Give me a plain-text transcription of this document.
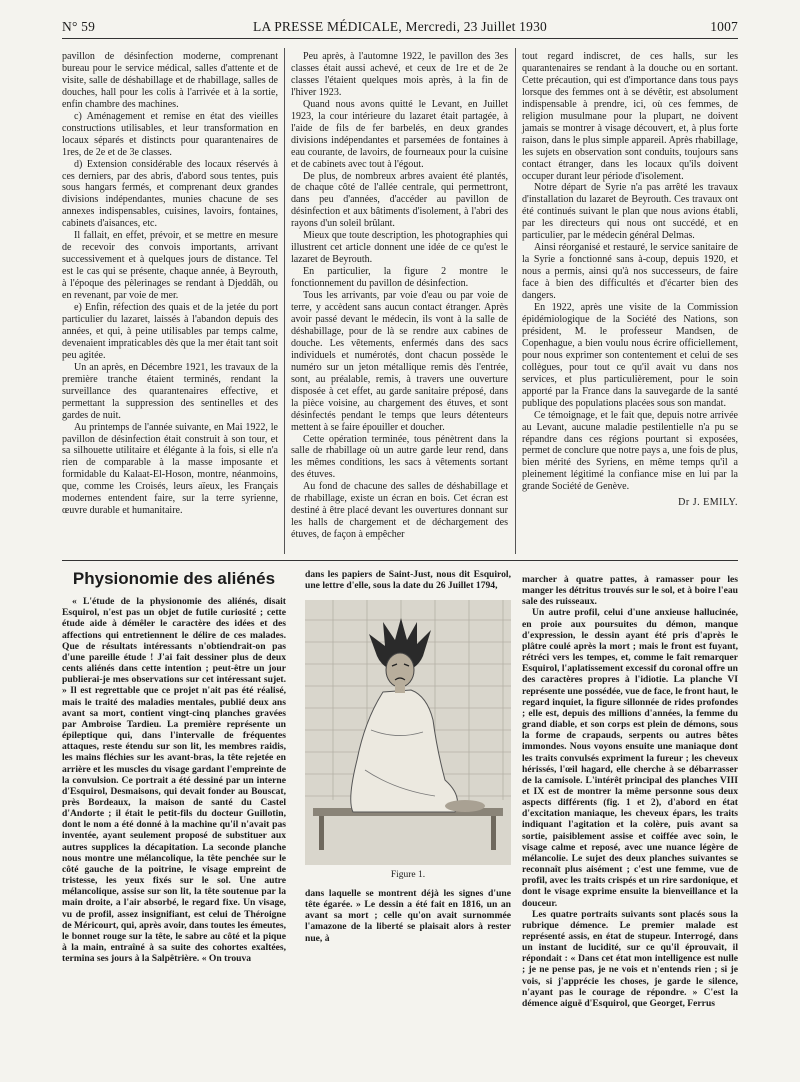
N° 59	LA PRESSE MÉDICALE, Mercredi, 23 Juillet 1930	1007

pavillon de désinfection moderne, comprenant bureau pour le service médical, salles d'attente et de visite, salle de déshabillage et de rhabillage, salles de douches, hall pour les colis à l'arrivée et à la sortie, enfin chambre des machines.

c) Aménagement et remise en état des vieilles constructions utilisables, et leur transformation en locaux séparés et distincts pour quarantenaires de 1res, de 2e et de 3e classes.

d) Extension considérable des locaux réservés à ces derniers, par des abris, d'abord sous tentes, puis sous hangars fermés, et comprenant deux grandes divisions indépendantes, munies chacune de ses annexes indispensables, cuisines, lavoirs, fontaines, cabinets d'aisances, etc.

Il fallait, en effet, prévoir, et se mettre en mesure de recevoir des convois importants, arrivant successivement et à quelques jours de distance. Tel est le cas qui se présente, chaque année, à Beyrouth, à l'époque des pèlerinages se rendant à Djeddâh, ou en revenant, par voie de mer.

e) Enfin, réfection des quais et de la jetée du port particulier du lazaret, laissés à l'abandon depuis des années, et qui, à peine utilisables par temps calme, devenaient impraticables dès que la mer était tant soit peu agitée.

Un an après, en Décembre 1921, les travaux de la première tranche étaient terminés, rendant la surveillance des quarantenaires effective, et permettant la suppression des sentinelles et des gardes de nuit.

Au printemps de l'année suivante, en Mai 1922, le pavillon de désinfection était construit à son tour, et sa silhouette utilitaire et élégante à la fois, si elle n'a rien de comparable à la masse imposante et formidable du Kalaat-El-Hoson, montre, néanmoins, que, comme les Croisés, leurs aïeux, les Français modernes entendent faire, sur la terre syrienne, œuvre durable et humanitaire.

Peu après, à l'automne 1922, le pavillon des 3es classes était aussi achevé, et ceux de 1re et de 2e classes l'étaient quelques mois après, à la fin de l'hiver 1923.

Quand nous avons quitté le Levant, en Juillet 1923, la cour intérieure du lazaret était partagée, à l'aide de fils de fer barbelés, en deux grandes divisions indépendantes et parsemées de fontaines à eau courante, de lavoirs, de fourneaux pour la cuisine et de cabinets avec tout à l'égout.

De plus, de nombreux arbres avaient été plantés, de chaque côté de l'allée centrale, qui permettront, dans peu d'années, d'accéder au pavillon de désinfection et aux bâtiments d'isolement, à l'abri des rayons d'un soleil brûlant.

Mieux que toute description, les photographies qui illustrent cet article donnent une idée de ce qu'est le lazaret de Beyrouth.

En particulier, la figure 2 montre le fonctionnement du pavillon de désinfection.

Tous les arrivants, par voie d'eau ou par voie de terre, y accèdent sans aucun contact étranger. Après avoir passé devant le médecin, ils vont à la salle de déshabillage, pour de là se rendre aux cabines de douche. Les vêtements, enfermés dans des sacs individuels et numérotés, dont chacun possède le numéro sur un jeton métallique remis dès l'entrée, sont, au préalable, remis, à travers une ouverture disposée à cet effet, au garde sanitaire préposé, dans la pièce voisine, au chargement des étuves, et sont désinfectés pendant le temps que leurs détenteurs mettent à se faire épouiller et doucher.

Cette opération terminée, tous pénètrent dans la salle de rhabillage où un autre garde leur rend, dans les mêmes conditions, les sacs à vêtements sortant des étuves.

Au fond de chacune des salles de déshabillage et de rhabillage, existe un écran en bois. Cet écran est destiné à être placé devant les ouvertures donnant sur les halls de chargement et de déchargement des étuves, de façon à empêcher

tout regard indiscret, de ces halls, sur les quarantenaires se rendant à la douche ou en sortant. Cette précaution, qui est d'importance dans tous pays lorsque des femmes ont à se dévêtir, est absolument indispensable à prendre, ici, où ces femmes, de religion musulmane pour la plupart, ne doivent jamais se montrer à visage découvert, et, à plus forte raison, dans le plus simple appareil. Après rhabillage, les sujets en observation sont conduits, toujours sans contact étranger, dans les locaux qu'ils doivent occuper durant leur période d'isolement.

Notre départ de Syrie n'a pas arrêté les travaux d'installation du lazaret de Beyrouth. Ces travaux ont été continués suivant le plan que nous avions établi, par les directeurs qui nous ont succédé, et en particulier, par le médecin général Delmas.

Ainsi réorganisé et restauré, le service sanitaire de la Syrie a fonctionné sans à-coup, depuis 1920, et nous a permis, ainsi qu'à nos successeurs, de faire face à bien des difficultés et d'écarter bien des dangers.

En 1922, après une visite de la Commission épidémiologique de la Société des Nations, son président, M. le professeur Mandsen, de Copenhague, a bien voulu nous écrire officiellement, pour nous exprimer son contentement et celui de ses collègues, pour tout ce qu'il avait vu dans nos services, et plus particulièrement, pour le soin apporté par la France dans la sauvegarde de la santé publique des populations placées sous son mandat.

Ce témoignage, et le fait que, depuis notre arrivée au Levant, aucune maladie pestilentielle n'a pu se répandre dans ces régions pourtant si exposées, permet de conclure que notre pays a, une fois de plus, bien mérité des Syriens, en même temps qu'il a pleinement légitimé la confiance mise en lui par la grande Société de Genève.

Dr J. EMILY.
Physionomie des aliénés

« L'étude de la physionomie des aliénés, disait Esquirol, n'est pas un objet de futile curiosité ; cette étude aide à démêler le caractère des idées et des affections qui entretiennent le délire de ces malades. Que de résultats intéressants n'obtiendrait-on pas d'une pareille étude ! J'ai fait dessiner plus de deux cents aliénés dans cette intention ; peut-être un jour publierai-je mes observations sur cet intéressant sujet. » Il est regrettable que ce projet n'ait pas été réalisé, mais le traité des maladies mentales, publié deux ans avant sa mort, contient vingt-cinq planches gravées par Ambroise Tardieu. La première représente un épileptique qui, dans l'intervalle de fréquentes attaques, reste étendu sur son lit, les membres raidis, les mains fléchies sur les avant-bras, la tête rejetée en arrière et les muscles du visage gardant l'empreinte de la convulsion. Ce portrait a été dessiné par un interne d'Esquirol, Desmaisons, qui devait fonder au Bouscat, près Bordeaux, la maison de santé du Castel d'Andorte ; il était le petit-fils du docteur Guillotin, dont le nom a été donné à la machine qu'il n'avait pas inventée, ayant seulement proposé de substituer aux autres supplices la décapitation. La seconde planche nous montre une mélancolique, la tête penchée sur le côté gauche de la poitrine, le visage empreint de tristesse, les yeux fixés sur le sol. Une autre mélancolique, assise sur son lit, la tête soutenue par la main droite, a l'air absorbé, le regard fixe. Un visage, vu de profil, assez insignifiant, est celui de Théroigne de Méricourt, qui, après avoir, dans toutes les émeutes, le bonnet rouge sur la tête, le sabre au côté et la pique à la main, entraîné à sa suite des cohortes exaltées, termina ses jours à la Salpêtrière. « On trouva

dans les papiers de Saint-Just, nous dit Esquirol, une lettre d'elle, sous la date du 26 Juillet 1794,

Figure 1.

dans laquelle se montrent déjà les signes d'une tête égarée. » Le dessin a été fait en 1816, un an avant sa mort ; celle qu'on avait surnommée l'amazone de la liberté se plaisait alors à rester nue, à

marcher à quatre pattes, à ramasser pour les manger les détritus trouvés sur le sol, et à boire l'eau sale des ruisseaux.

Un autre profil, celui d'une anxieuse hallucinée, en proie aux poursuites du démon, manque d'expression, le dessin ayant été pris d'après le plâtre coulé après la mort ; mais le front est fuyant, rétréci vers les tempes, et, comme le fait remarquer Esquirol, l'aplatissement excessif du coronal offre un des caractères propres à l'idiotie. La planche VI représente une possédée, vue de face, le front haut, le regard inquiet, la figure sillonnée de rides profondes ; elle est, depuis des millions d'années, la femme du grand diable, et son corps est plein de démons, sous la forme de crapauds, serpents ou autres bêtes immondes. Nous voyons ensuite une maniaque dont les traits convulsés expriment la fureur ; les cheveux hérissés, l'œil hagard, elle cherche à se débarrasser de la camisole. L'intérêt principal des planches VIII et IX est de montrer la même personne sous deux aspects différents (fig. 1 et 2), d'abord en état d'excitation maniaque, les cheveux épars, les traits indiquant l'agitation et la colère, puis avant sa sortie, paisiblement assise et coiffée avec soin, le visage calme et reposé, avec une nuance légère de mélancolie. Le sujet des deux planches suivantes se reconnaît plus aisément ; c'est une femme, vue de profil, avec les traits crispés et un rire sardonique, et dont le visage exprime ensuite la bienveillance et la douceur.

Les quatre portraits suivants sont placés sous la rubrique démence. Le premier malade est représenté assis, en état de stupeur. Interrogé, dans un instant de lucidité, sur ce qu'il éprouvait, il répondait : « Dans cet état mon intelligence est nulle ; je ne pense pas, je ne vois et n'entends rien ; si je vois, si j'apprécie les choses, je garde le silence, n'ayant pas le courage de répondre. » C'est la démence aiguë d'Esquirol, que Georget, Ferrus
